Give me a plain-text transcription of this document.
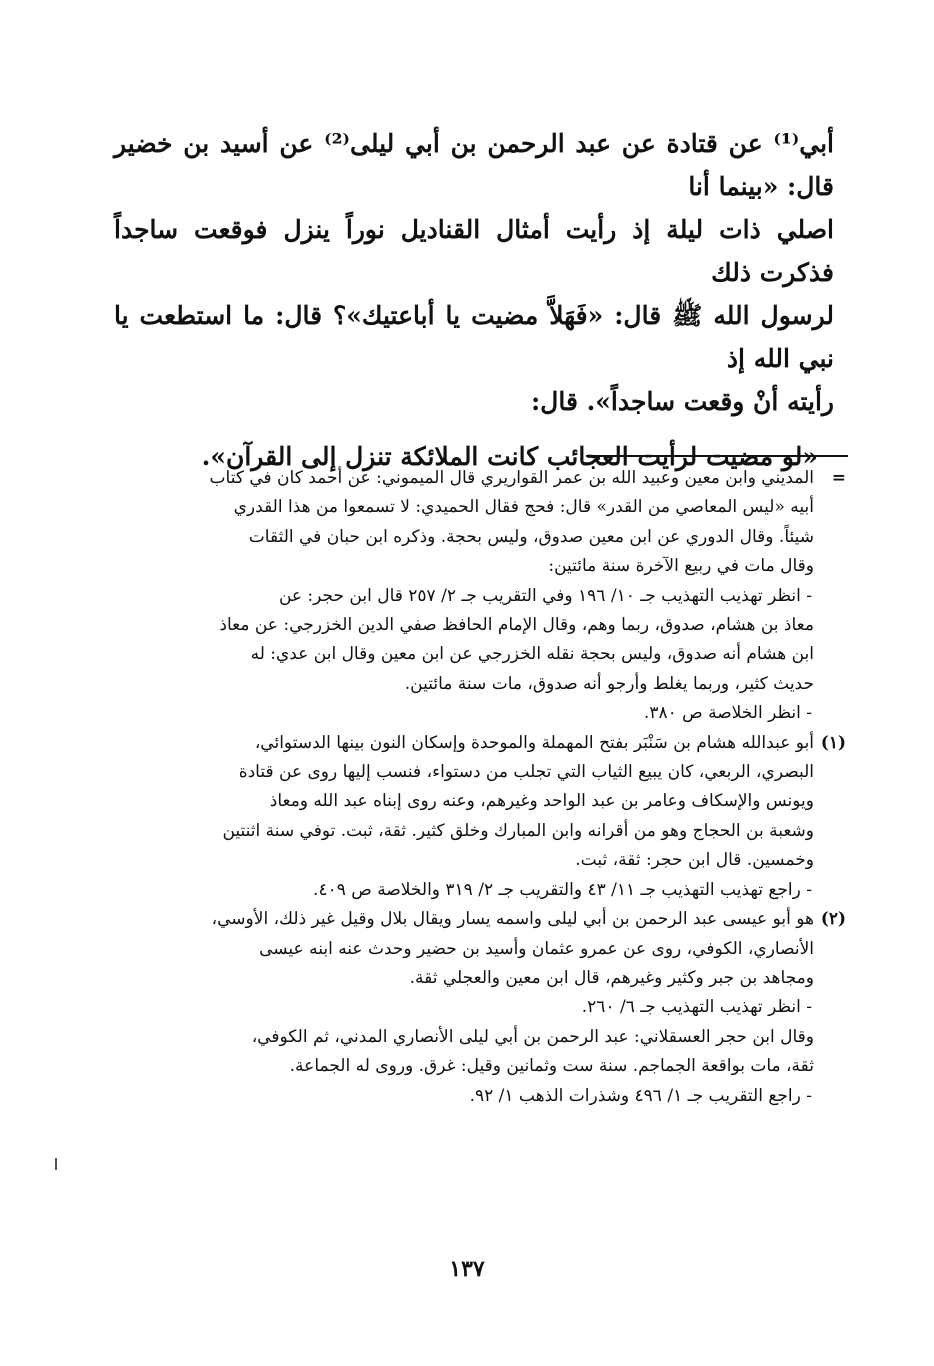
أبي⁽¹⁾ عن قتادة عن عبد الرحمن بن أبي ليلى⁽²⁾ عن أسيد بن خضير قال: «بينما أنا

اصلي ذات ليلة إذ رأيت أمثال القناديل نوراً ينزل فوقعت ساجداً فذكرت ذلك

لرسول الله ﷺ قال: «فَهَلاَّ مضيت يا أباعتيك»؟ قال: ما استطعت يا نبي الله إذ

رأيته أنْ وقعت ساجداً». قال:

«لو مضيت لرأيت العجائب كانت الملائكة تنزل إلى القرآن».

=

المديني وابن معين وعبيد الله بن عمر القواريري قال الميموني: عن أحمد كان في كتاب

أبيه «ليس المعاصي من القدر» قال: فحج فقال الحميدي: لا تسمعوا من هذا القدري

شيئاً. وقال الدوري عن ابن معين صدوق، وليس بحجة. وذكره ابن حبان في الثقات

وقال مات في ربيع الآخرة سنة مائتين:

- انظر تهذيب التهذيب جـ ١٠/ ١٩٦ وفي التقريب جـ ٢/ ٢٥٧ قال ابن حجر: عن

معاذ بن هشام، صدوق، ربما وهم، وقال الإمام الحافظ صفي الدين الخزرجي: عن معاذ

ابن هشام أنه صدوق، وليس بحجة نقله الخزرجي عن ابن معين وقال ابن عدي: له

حديث كثير، وربما يغلط وأرجو أنه صدوق، مات سنة مائتين.

- انظر الخلاصة ص ٣٨٠.

(١)

أبو عبدالله هشام بن سَنْبَر بفتح المهملة والموحدة وإسكان النون بينها الدستوائي،

البصري، الربعي، كان يبيع الثياب التي تجلب من دستواء، فنسب إليها روى عن قتادة

ويونس والإسكاف وعامر بن عبد الواحد وغيرهم، وعنه روى إبناه عبد الله ومعاذ

وشعبة بن الحجاج وهو من أقرانه وابن المبارك وخلق كثير. ثقة، ثبت. توفي سنة اثنتين

وخمسين. قال ابن حجر: ثقة، ثبت.

- راجع تهذيب التهذيب جـ ١١/ ٤٣ والتقريب جـ ٢/ ٣١٩ والخلاصة ص ٤٠٩.

(٢)

هو أبو عيسى عبد الرحمن بن أبي ليلى واسمه يسار ويقال بلال وقيل غير ذلك، الأوسي،

الأنصاري، الكوفي، روى عن عمرو عثمان وأسيد بن حضير وحدث عنه ابنه عيسى

ومجاهد بن جبر وكثير وغيرهم، قال ابن معين والعجلي ثقة.

- انظر تهذيب التهذيب جـ ٦/ ٢٦٠.

وقال ابن حجر العسقلاني: عبد الرحمن بن أبي ليلى الأنصاري المدني، ثم الكوفي،

ثقة، مات بواقعة الجماجم. سنة ست وثمانين وقيل: غرق. وروى له الجماعة.

- راجع التقريب جـ ١/ ٤٩٦ وشذرات الذهب ١/ ٩٢.

١٣٧
